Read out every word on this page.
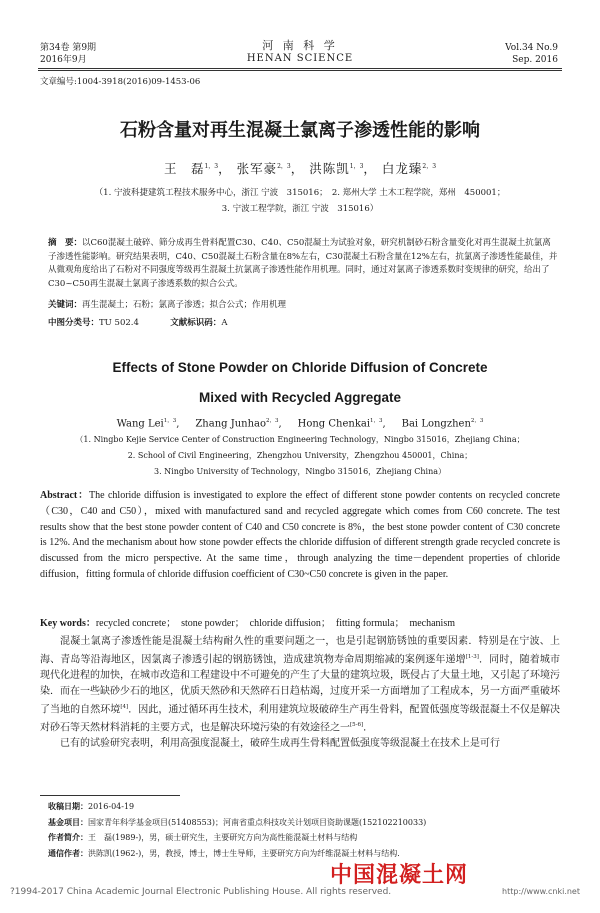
第34卷 第9期
2016年9月
河 南 科 学
HENAN SCIENCE
Vol.34 No.9
Sep. 2016
文章编号:1004-3918(2016)09-1453-06
石粉含量对再生混凝土氯离子渗透性能的影响
王　磊$^{1,3}$， 张军豪$^{2,3}$， 洪陈凯$^{1,3}$， 白龙臻$^{2,3}$
（1. 宁波科捷建筑工程技术服务中心，浙江 宁波　315016；　2. 郑州大学 土木工程学院，郑州　450001；
3. 宁波工程学院，浙江 宁波　315016）
摘　要：以C60混凝土破碎、筛分成再生骨料配置C30、C40、C50混凝土为试验对象，研究机制砂石粉含量变化对再生混凝土抗氯离子渗透性能影响。研究结果表明，C40、C50混凝土石粉含量在8%左右，C30混凝土石粉含量在12%左右，抗氯离子渗透性能最佳，并从微观角度给出了石粉对不同强度等级再生混凝土抗氯离子渗透性能作用机理。同时，通过对氯离子渗透系数时变规律的研究，给出了C30~C50再生混凝土氯离子渗透系数的拟合公式。
关键词：再生混凝土；石粉；氯离子渗透；拟合公式；作用机理
中图分类号：TU 502.4	文献标识码：A
Effects of Stone Powder on Chloride Diffusion of Concrete
Mixed with Recycled Aggregate
Wang Lei$^{1,3}$,     Zhang Junhao$^{2,3}$,     Hong Chenkai$^{1,3}$,     Bai Longzhen$^{2,3}$
（1. Ningbo Kejie Service Center of Construction Engineering Technology，Ningbo 315016，Zhejiang China；
2. School of Civil Engineering，Zhengzhou University，Zhengzhou 450001，China；
3. Ningbo University of Technology，Ningbo 315016，Zhejiang China）
Abstract：The chloride diffusion is investigated to explore the effect of different stone powder contents on recycled concrete（C30，C40 and C50），mixed with manufactured sand and recycled aggregate which comes from C60 concrete. The test results show that the best stone powder content of C40 and C50 concrete is 8%，the best stone powder content of C30 concrete is 12%. And the mechanism about how stone powder effects the chloride diffusion of different strength grade recycled concrete is discussed from the micro perspective. At the same time，through analyzing the time－dependent properties of chloride diffusion，fitting formula of chloride diffusion coefficient of C30~C50 concrete is given in the paper.
Key words：recycled concrete；　stone powder；　chloride diffusion；　fitting formula；　mechanism

混凝土氯离子渗透性能是混凝土结构耐久性的重要问题之一，也是引起钢筋锈蚀的重要因素．特别是在宁波、上海、青岛等沿海地区，因氯离子渗透引起的钢筋锈蚀，造成建筑物寿命周期缩减的案例逐年递增[1-3]．同时，随着城市现代化进程的加快，在城市改造和工程建设中不可避免的产生了大量的建筑垃圾，既侵占了大量土地，又引起了环境污染．而在一些缺砂少石的地区，优质天然砂和天然碎石日趋枯竭，过度开采一方面增加了工程成本，另一方面严重破坏了当地的自然环境[4]．因此，通过循环再生技术，利用建筑垃圾破碎生产再生骨料，配置低强度等级混凝土不仅是解决对砂石等天然材料消耗的主要方式，也是解决环境污染的有效途径之一[5-6]．

已有的试验研究表明，利用高强度混凝土，破碎生成再生骨料配置低强度等级混凝土在技术上是可行

收稿日期：2016-04-19
基金项目：国家青年科学基金项目(51408553)；河南省重点科技攻关计划项目资助课题(152102210033)
作者简介：王　磊(1989-)，男，硕士研究生，主要研究方向为高性能混凝土材料与结构
通信作者：洪陈凯(1962-)，男，教授，博士，博士生导师，主要研究方向为纤维混凝土材料与结构．
中国混凝土网
?1994-2017 China Academic Journal Electronic Publishing House. All rights reserved.	http://www.cnki.net
